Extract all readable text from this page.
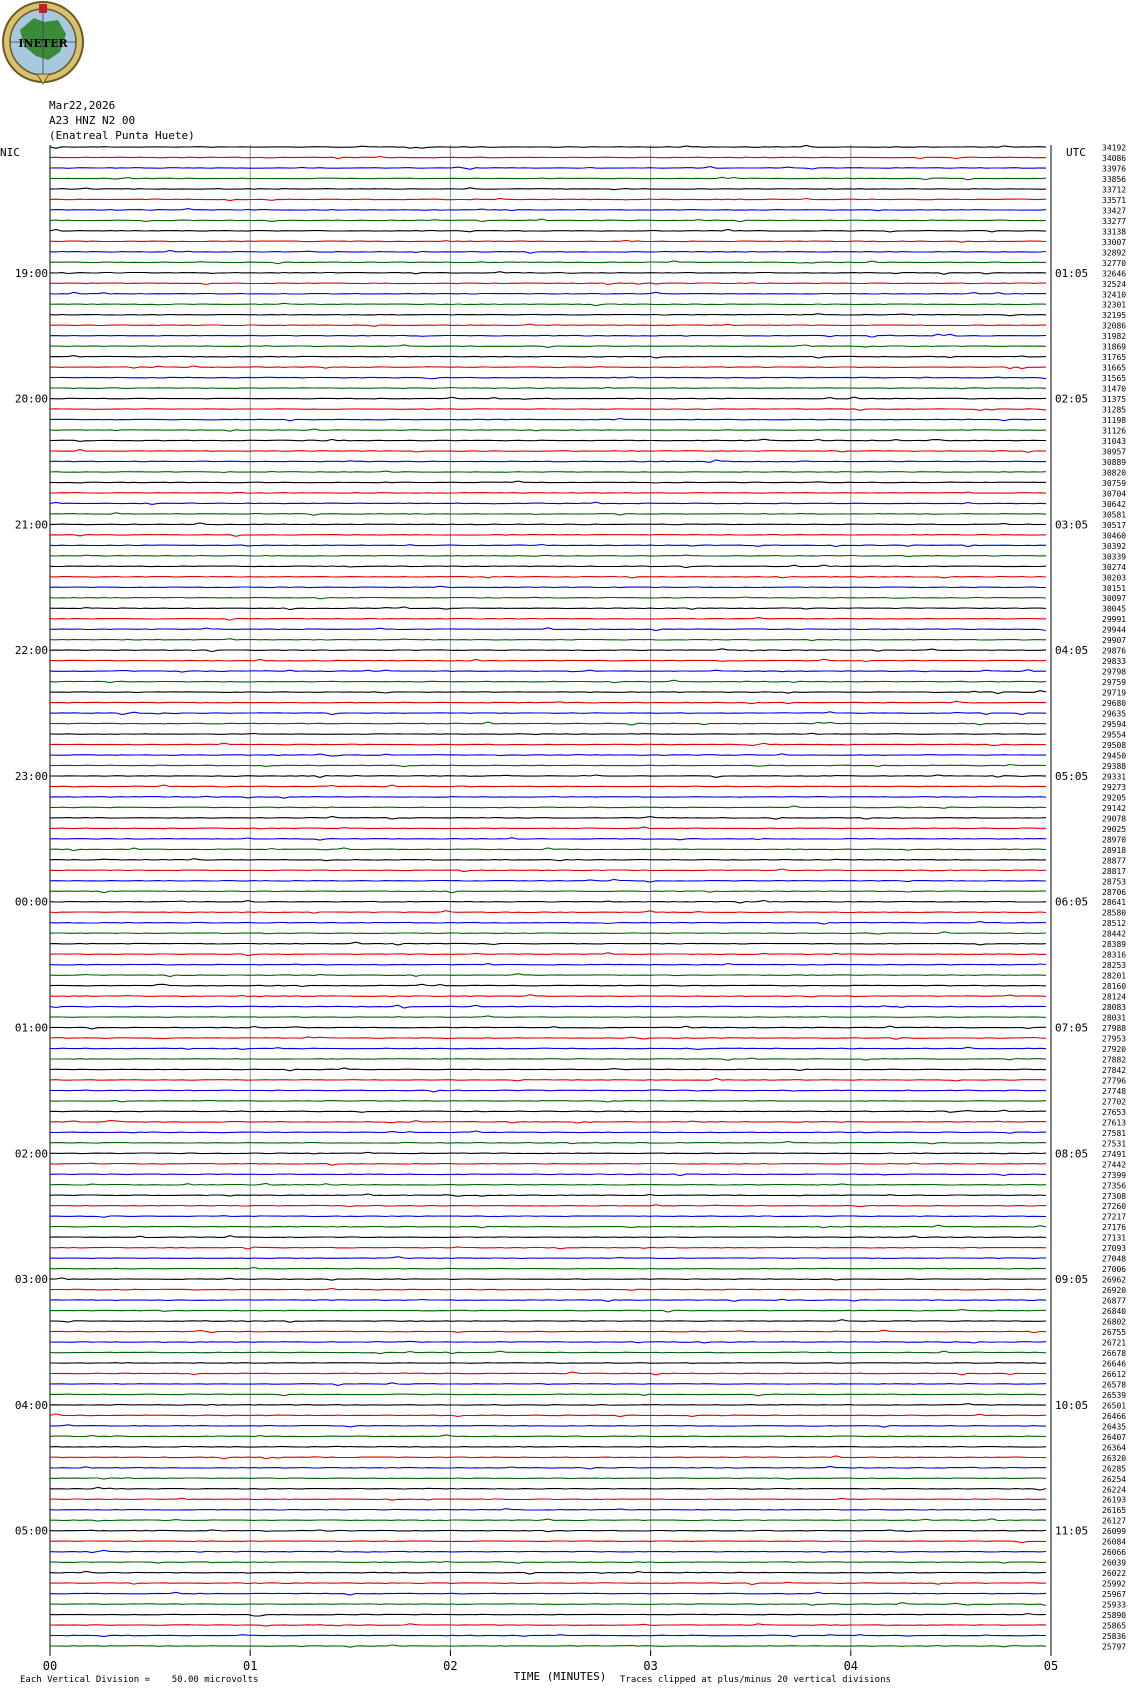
INETER
Mar22,2026
A23 HNZ N2 00
(Enatreal Punta Huete)
NIC	UTC 34192
34086
33976
33856
33712
33571
33427
33277
33138
33007
32892
32770
32646
32524
32410
32301
32195
32086
31982
31869
31765
31665
31565
31470
31375
31285
31198
31126
31043
30957
30889
30820
30759
30704
30642
30581
30517
30460
30392
30339
30274
30203
30151
30097
30045
29991
29944
29907
29876
29833
29798
29759
29719
29680
29635
29594
29554
29508
29450
29388
29331
29273
29205
29142
29078
29025
28970
28918
28877
28817
28753
28706
28641
28580
28512
28442
28389
28316
28253
28201
28160
28124
28083
28031
27988
27953
27920
27882
27842
27796
27748
27702
27653
27613
27581
27531
27491
27442
27399
27356
27308
27260
27217
27176
27131
27093
27048
27006
26962
26920
26877
26840
26802
26755
26721
26678
26646
26612
26578
26539
26501
26466
26435
26407
26364
26320
26285
26254
26224
26193
26165
26127
26099
26084
26066
26039
26022
25992
25967
25933
25890
25865
25836
25797
19:00
20:00
21:00
22:00
23:00
00:00
01:00
02:00
03:00
04:00
05:00
01:05
02:05
03:05
04:05
05:05
06:05
07:05
08:05
09:05
10:05
11:05
00	01	02	03	04	05
TIME (MINUTES)
Each Vertical Division =    50.00 microvolts	Traces clipped at plus/minus 20 vertical divisions
